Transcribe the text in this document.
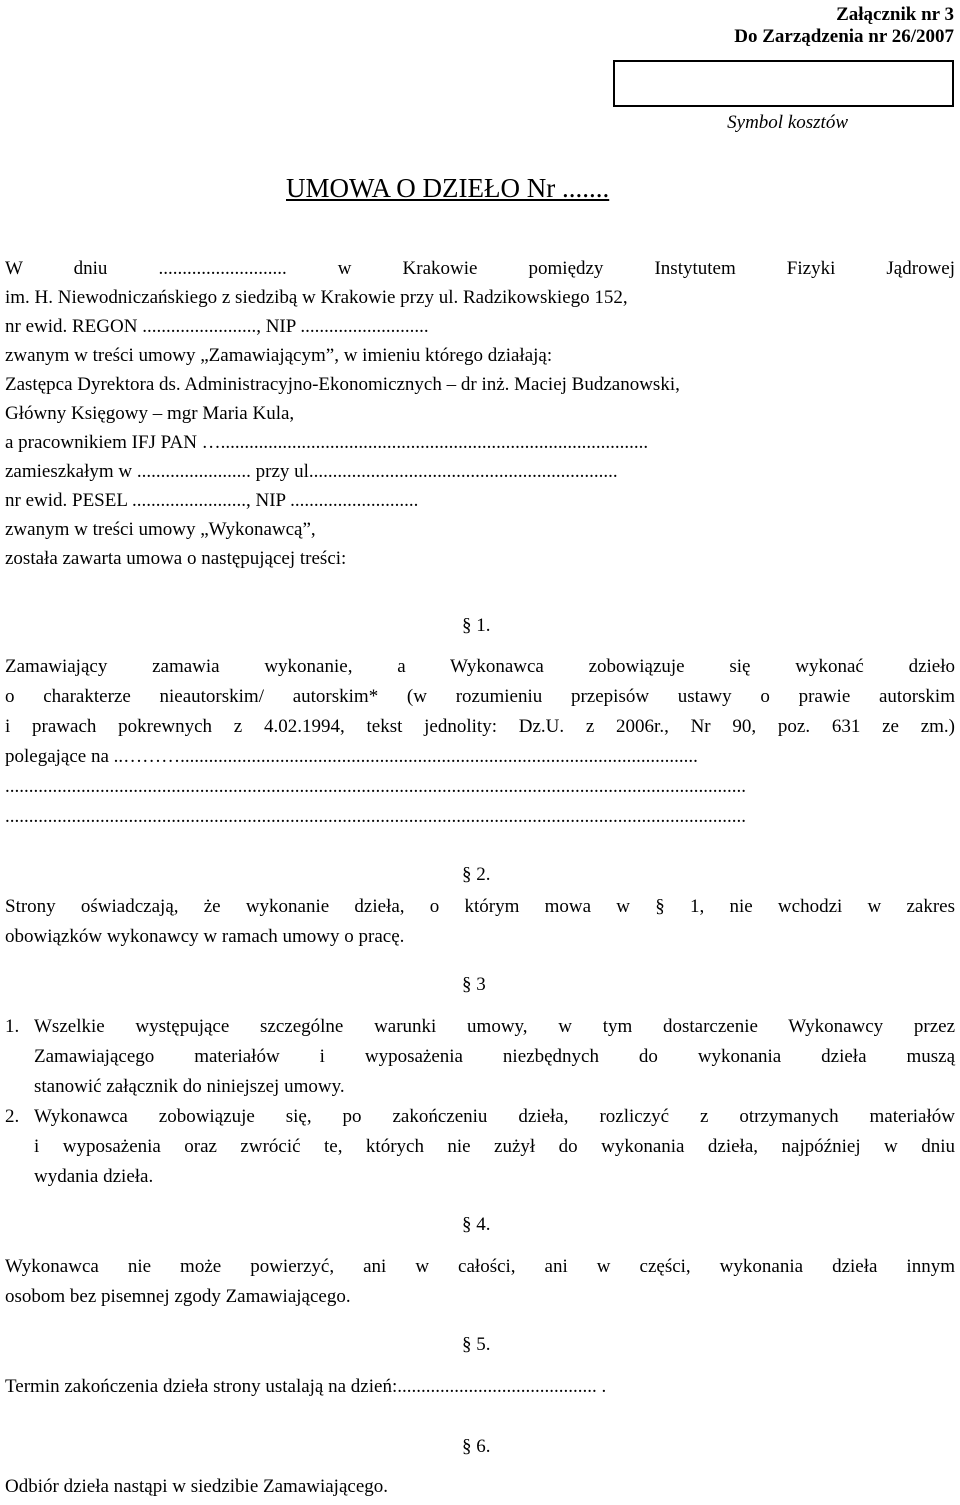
Załącznik nr 3
Do Zarządzenia nr 26/2007
Symbol kosztów
UMOWA O DZIEŁO Nr .......
W dniu ........................... w Krakowie pomiędzy Instytutem Fizyki Jądrowej
im. H. Niewodniczańskiego z siedzibą w Krakowie przy ul. Radzikowskiego 152,
nr ewid. REGON ........................, NIP ...........................
zwanym w treści umowy „Zamawiającym”, w imieniu którego działają:
Zastępca Dyrektora ds. Administracyjno-Ekonomicznych – dr inż. Maciej Budzanowski,
Główny Księgowy – mgr Maria Kula,
a pracownikiem IFJ PAN …..........................................................................................
zamieszkałym w ........................ przy ul.................................................................
nr ewid. PESEL ........................, NIP ...........................
zwanym w treści umowy „Wykonawcą”,
została zawarta umowa o następującej treści:
§ 1.
Zamawiający zamawia wykonanie, a Wykonawca zobowiązuje się wykonać dzieło
o charakterze nieautorskim/ autorskim* (w rozumieniu przepisów ustawy o prawie autorskim
i prawach pokrewnych z 4.02.1994, tekst jednolity: Dz.U. z 2006r., Nr 90, poz. 631 ze zm.)
polegające na ..……….............................................................................................................
............................................................................................................................................................
............................................................................................................................................................
§ 2.
Strony oświadczają, że wykonanie dzieła, o którym mowa w § 1, nie wchodzi w zakres
obowiązków wykonawcy w ramach umowy o pracę.
§ 3
1. Wszelkie występujące szczególne warunki umowy, w tym dostarczenie Wykonawcy przez
Zamawiającego materiałów i wyposażenia niezbędnych do wykonania dzieła muszą
stanowić załącznik do niniejszej umowy.
2. Wykonawca zobowiązuje się, po zakończeniu dzieła, rozliczyć z otrzymanych materiałów
i wyposażenia oraz zwrócić te, których nie zużył do wykonania dzieła, najpóźniej w dniu
wydania dzieła.
§ 4.
Wykonawca nie może powierzyć, ani w całości, ani w części, wykonania dzieła innym
osobom bez pisemnej zgody Zamawiającego.
§ 5.
Termin zakończenia dzieła strony ustalają na dzień:.......................................... .
§ 6.
Odbiór dzieła nastąpi w siedzibie Zamawiającego.
